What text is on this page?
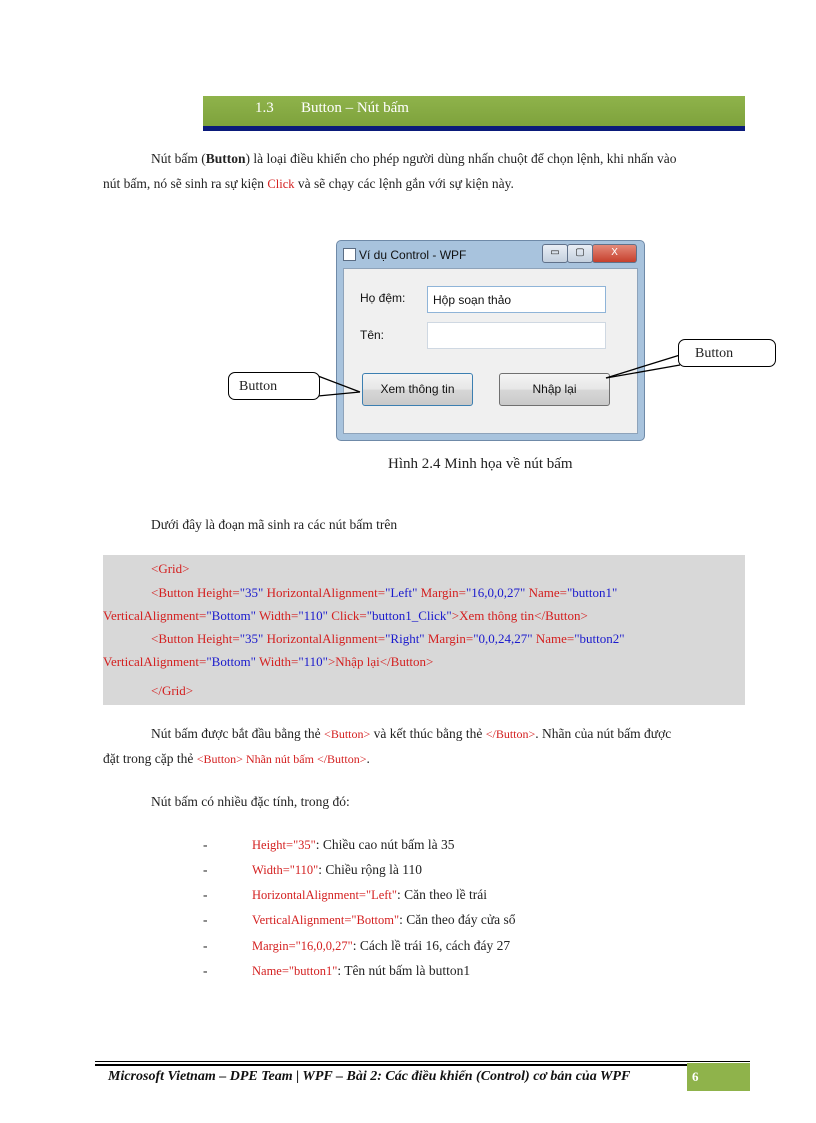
1.3 Button – Nút bấm
Nút bấm (Button) là loại điều khiển cho phép người dùng nhấn chuột để chọn lệnh, khi nhấn vào
nút bấm, nó sẽ sinh ra sự kiện Click và sẽ chạy các lệnh gắn với sự kiện này.
Ví dụ Control - WPF	▭	▢	X
Họ đệm:	Hộp soạn thảo
Tên:
Xem thông tin	Nhập lại
Button
Button
Hình 2.4 Minh họa về nút bấm
Dưới đây là đoạn mã sinh ra các nút bấm trên
<Grid>
<Button Height="35" HorizontalAlignment="Left" Margin="16,0,0,27" Name="button1"
VerticalAlignment="Bottom" Width="110" Click="button1_Click">Xem thông tin</Button>
<Button Height="35" HorizontalAlignment="Right" Margin="0,0,24,27" Name="button2"
VerticalAlignment="Bottom" Width="110">Nhập lại</Button>
</Grid>
Nút bấm được bắt đầu bằng thẻ <Button> và kết thúc bằng thẻ </Button>. Nhãn của nút bấm được
đặt trong cặp thẻ <Button> Nhãn nút bấm </Button>.
Nút bấm có nhiều đặc tính, trong đó:
-	Height="35": Chiều cao nút bấm là 35
-	Width="110": Chiều rộng là 110
-	HorizontalAlignment="Left": Căn theo lề trái
-	VerticalAlignment="Bottom": Căn theo đáy cửa sổ
-	Margin="16,0,0,27": Cách lề trái 16, cách đáy 27
-	Name="button1": Tên nút bấm là button1
Microsoft Vietnam – DPE Team | WPF – Bài 2: Các điều khiển (Control) cơ bản của WPF	6
